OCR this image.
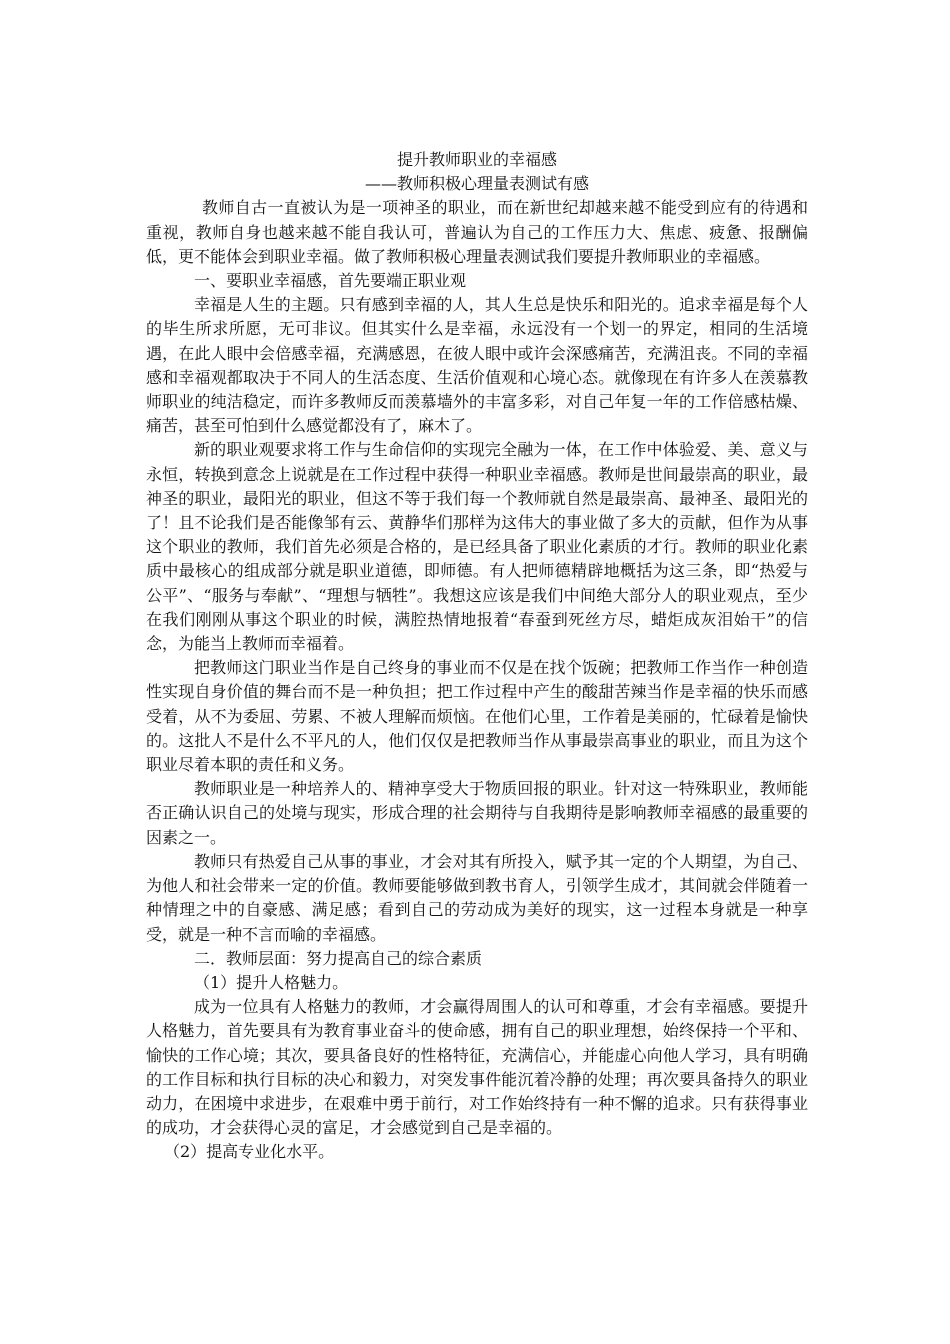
提升教师职业的幸福感
——教师积极心理量表测试有感

教师自古一直被认为是一项神圣的职业，而在新世纪却越来越不能受到应有的待遇和重视，教师自身也越来越不能自我认可，普遍认为自己的工作压力大、焦虑、疲惫、报酬偏低，更不能体会到职业幸福。做了教师积极心理量表测试我们要提升教师职业的幸福感。

一、要职业幸福感，首先要端正职业观

幸福是人生的主题。只有感到幸福的人，其人生总是快乐和阳光的。追求幸福是每个人的毕生所求所愿，无可非议。但其实什么是幸福，永远没有一个划一的界定，相同的生活境遇，在此人眼中会倍感幸福，充满感恩，在彼人眼中或许会深感痛苦，充满沮丧。不同的幸福感和幸福观都取决于不同人的生活态度、生活价值观和心境心态。就像现在有许多人在羡慕教师职业的纯洁稳定，而许多教师反而羡慕墙外的丰富多彩，对自己年复一年的工作倍感枯燥、痛苦，甚至可怕到什么感觉都没有了，麻木了。

新的职业观要求将工作与生命信仰的实现完全融为一体，在工作中体验爱、美、意义与永恒，转换到意念上说就是在工作过程中获得一种职业幸福感。教师是世间最崇高的职业，最神圣的职业，最阳光的职业，但这不等于我们每一个教师就自然是最崇高、最神圣、最阳光的了！且不论我们是否能像邹有云、黄静华们那样为这伟大的事业做了多大的贡献，但作为从事这个职业的教师，我们首先必须是合格的，是已经具备了职业化素质的才行。教师的职业化素质中最核心的组成部分就是职业道德，即师德。有人把师德精辟地概括为这三条，即“热爱与公平”、“服务与奉献”、“理想与牺牲”。我想这应该是我们中间绝大部分人的职业观点，至少在我们刚刚从事这个职业的时候，满腔热情地报着“春蚕到死丝方尽，蜡炬成灰泪始干”的信念，为能当上教师而幸福着。

把教师这门职业当作是自己终身的事业而不仅是在找个饭碗；把教师工作当作一种创造性实现自身价值的舞台而不是一种负担；把工作过程中产生的酸甜苦辣当作是幸福的快乐而感受着，从不为委屈、劳累、不被人理解而烦恼。在他们心里，工作着是美丽的，忙碌着是愉快的。这批人不是什么不平凡的人，他们仅仅是把教师当作从事最崇高事业的职业，而且为这个职业尽着本职的责任和义务。

教师职业是一种培养人的、精神享受大于物质回报的职业。针对这一特殊职业，教师能否正确认识自己的处境与现实，形成合理的社会期待与自我期待是影响教师幸福感的最重要的因素之一。

教师只有热爱自己从事的事业，才会对其有所投入，赋予其一定的个人期望，为自己、为他人和社会带来一定的价值。教师要能够做到教书育人，引领学生成才，其间就会伴随着一种情理之中的自豪感、满足感；看到自己的劳动成为美好的现实，这一过程本身就是一种享受，就是一种不言而喻的幸福感。

二．教师层面：努力提高自己的综合素质

（1）提升人格魅力。

成为一位具有人格魅力的教师，才会赢得周围人的认可和尊重，才会有幸福感。要提升人格魅力，首先要具有为教育事业奋斗的使命感，拥有自己的职业理想，始终保持一个平和、愉快的工作心境；其次，要具备良好的性格特征，充满信心，并能虚心向他人学习，具有明确的工作目标和执行目标的决心和毅力，对突发事件能沉着冷静的处理；再次要具备持久的职业动力，在困境中求进步，在艰难中勇于前行，对工作始终持有一种不懈的追求。只有获得事业的成功，才会获得心灵的富足，才会感觉到自己是幸福的。

（2）提高专业化水平。
